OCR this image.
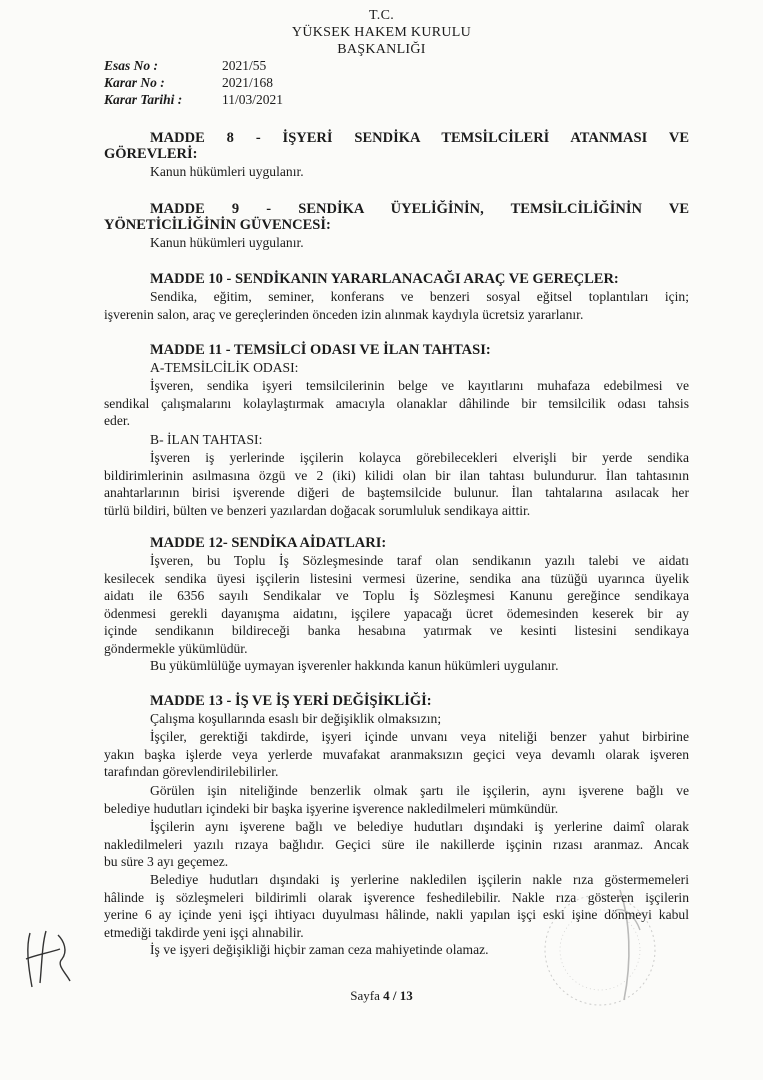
T.C.
YÜKSEK HAKEM KURULU
BAŞKANLIĞI
Esas No :	2021/55
Karar No :	2021/168
Karar Tarihi :	11/03/2021
MADDE 8 - İŞYERİ SENDİKA TEMSİLCİLERİ ATANMASI VE
GÖREVLERİ:
Kanun hükümleri uygulanır.
MADDE 9 - SENDİKA ÜYELİĞİNİN, TEMSİLCİLİĞİNİN VE
YÖNETİCİLİĞİNİN GÜVENCESİ:
Kanun hükümleri uygulanır.
MADDE 10 - SENDİKANIN YARARLANACAĞI ARAÇ VE GEREÇLER:
Sendika, eğitim, seminer, konferans ve benzeri sosyal eğitsel toplantıları için;
işverenin salon, araç ve gereçlerinden önceden izin alınmak kaydıyla ücretsiz yararlanır.
MADDE 11 - TEMSİLCİ ODASI VE İLAN TAHTASI:
A-TEMSİLCİLİK ODASI:
İşveren, sendika işyeri temsilcilerinin belge ve kayıtlarını muhafaza edebilmesi ve
sendikal çalışmalarını kolaylaştırmak amacıyla olanaklar dâhilinde bir temsilcilik odası tahsis
eder.
B- İLAN TAHTASI:
İşveren iş yerlerinde işçilerin kolayca görebilecekleri elverişli bir yerde sendika
bildirimlerinin asılmasına özgü ve 2 (iki) kilidi olan bir ilan tahtası bulundurur. İlan tahtasının
anahtarlarının birisi işverende diğeri de baştemsilcide bulunur. İlan tahtalarına asılacak her
türlü bildiri, bülten ve benzeri yazılardan doğacak sorumluluk sendikaya aittir.
MADDE 12- SENDİKA AİDATLARI:
İşveren, bu Toplu İş Sözleşmesinde taraf olan sendikanın yazılı talebi ve aidatı
kesilecek sendika üyesi işçilerin listesini vermesi üzerine, sendika ana tüzüğü uyarınca üyelik
aidatı ile 6356 sayılı Sendikalar ve Toplu İş Sözleşmesi Kanunu gereğince sendikaya
ödenmesi gerekli dayanışma aidatını, işçilere yapacağı ücret ödemesinden keserek bir ay
içinde sendikanın bildireceği banka hesabına yatırmak ve kesinti listesini sendikaya
göndermekle yükümlüdür.
Bu yükümlülüğe uymayan işverenler hakkında kanun hükümleri uygulanır.
MADDE 13 - İŞ VE İŞ YERİ DEĞİŞİKLİĞİ:
Çalışma koşullarında esaslı bir değişiklik olmaksızın;
İşçiler, gerektiği takdirde, işyeri içinde unvanı veya niteliği benzer yahut birbirine
yakın başka işlerde veya yerlerde muvafakat aranmaksızın geçici veya devamlı olarak işveren
tarafından görevlendirilebilirler.
Görülen işin niteliğinde benzerlik olmak şartı ile işçilerin, aynı işverene bağlı ve
belediye hudutları içindeki bir başka işyerine işverence nakledilmeleri mümkündür.
İşçilerin aynı işverene bağlı ve belediye hudutları dışındaki iş yerlerine daimî olarak
nakledilmeleri yazılı rızaya bağlıdır. Geçici süre ile nakillerde işçinin rızası aranmaz. Ancak
bu süre 3 ayı geçemez.
Belediye hudutları dışındaki iş yerlerine nakledilen işçilerin nakle rıza göstermemeleri
hâlinde iş sözleşmeleri bildirimli olarak işverence feshedilebilir. Nakle rıza gösteren işçilerin
yerine 6 ay içinde yeni işçi ihtiyacı duyulması hâlinde, nakli yapılan işçi eski işine dönmeyi kabul
etmediği takdirde yeni işçi alınabilir.
İş ve işyeri değişikliği hiçbir zaman ceza mahiyetinde olamaz.
Sayfa 4 / 13
